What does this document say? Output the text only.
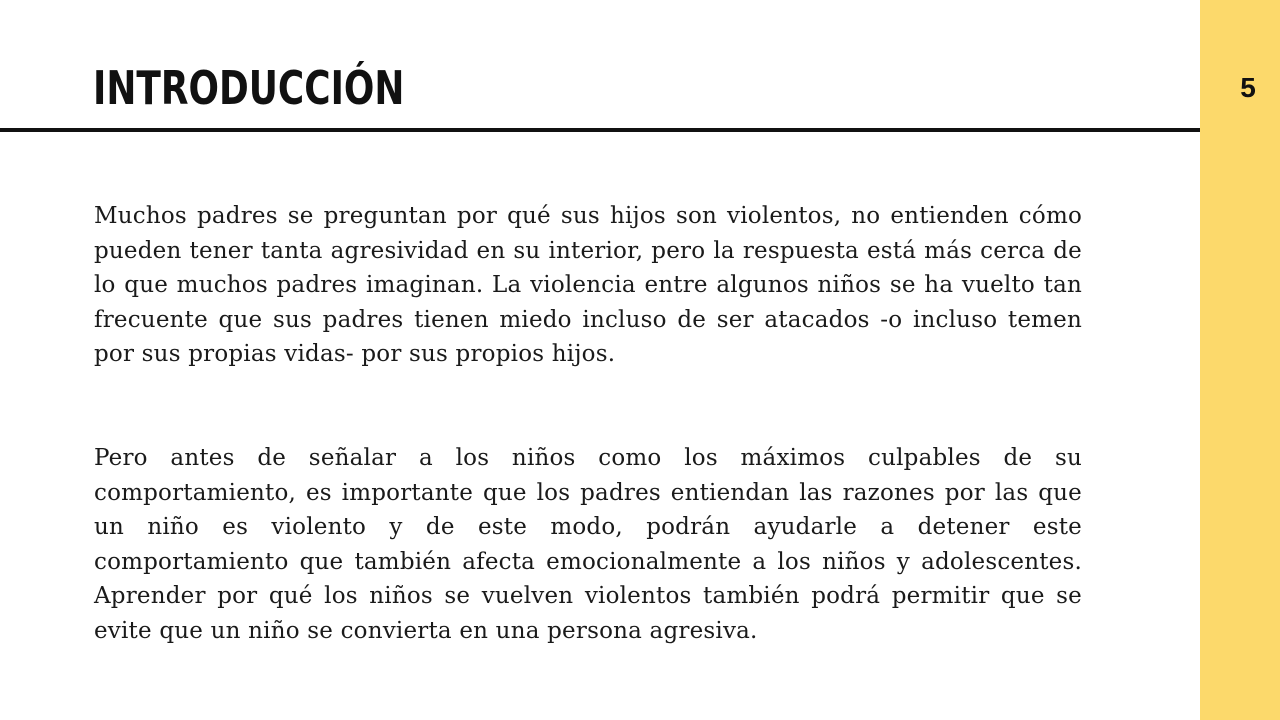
5
INTRODUCCIÓN

Muchos padres se preguntan por qué sus hijos son violentos, no entienden cómo pueden tener tanta agresividad en su interior, pero la respuesta está más cerca de lo que muchos padres imaginan. La violencia entre algunos niños se ha vuelto tan frecuente que sus padres tienen miedo incluso de ser atacados -o incluso temen por sus propias vidas- por sus propios hijos.

Pero antes de señalar a los niños como los máximos culpables de su comportamiento, es importante que los padres entiendan las razones por las que un niño es violento y de este modo, podrán ayudarle a detener este comportamiento que también afecta emocionalmente a los niños y adolescentes. Aprender por qué los niños se vuelven violentos también podrá permitir que se evite que un niño se convierta en una persona agresiva.
